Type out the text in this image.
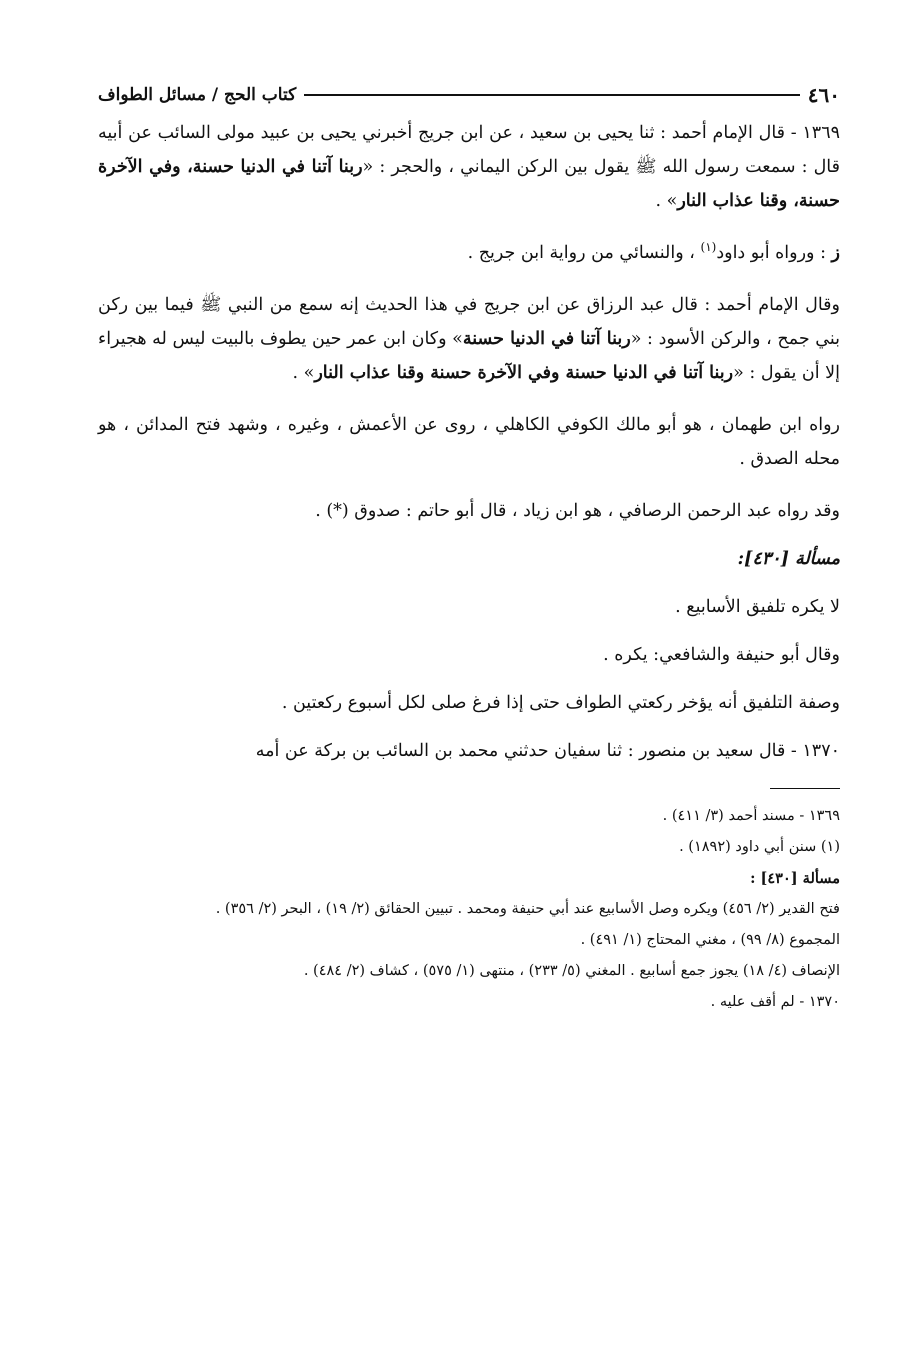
٤٦٠
كتاب الحج / مسائل الطواف

١٣٦٩ - قال الإمام أحمد : ثنا يحيى بن سعيد ، عن ابن جريج أخبرني يحيى بن عبيد مولى السائب عن أبيه قال : سمعت رسول الله ﷺ يقول بين الركن اليماني ، والحجر : «ربنا آتنا في الدنيا حسنة، وفي الآخرة حسنة، وقنا عذاب النار» .

ز : ورواه أبو داود$^{(١)}$ ، والنسائي من رواية ابن جريج .

وقال الإمام أحمد : قال عبد الرزاق عن ابن جريج في هذا الحديث إنه سمع من النبي ﷺ فيما بين ركن بني جمح ، والركن الأسود : «ربنا آتنا في الدنيا حسنة» وكان ابن عمر حين يطوف بالبيت ليس له هجيراء إلا أن يقول : «ربنا آتنا في الدنيا حسنة وفي الآخرة حسنة وقنا عذاب النار» .

رواه ابن طهمان ، هو أبو مالك الكوفي الكاهلي ، روى عن الأعمش ، وغيره ، وشهد فتح المدائن ، هو محله الصدق .

وقد رواه عبد الرحمن الرصافي ، هو ابن زياد ، قال أبو حاتم : صدوق (*) .

مسألة [٤٣٠]:

لا يكره تلفيق الأسابيع .

وقال أبو حنيفة والشافعي: يكره .

وصفة التلفيق أنه يؤخر ركعتي الطواف حتى إذا فرغ صلى لكل أسبوع ركعتين .

١٣٧٠ - قال سعيد بن منصور : ثنا سفيان حدثني محمد بن السائب بن بركة عن أمه

١٣٦٩ - مسند أحمد (٣/ ٤١١) .

(١) سنن أبي داود (١٨٩٢) .

مسألة [٤٣٠] :

فتح القدير (٢/ ٤٥٦) ويكره وصل الأسابيع عند أبي حنيفة ومحمد . تبيين الحقائق (٢/ ١٩) ، البحر (٢/ ٣٥٦) .

المجموع (٨/ ٩٩) ، مغني المحتاج (١/ ٤٩١) .

الإنصاف (٤/ ١٨) يجوز جمع أسابيع . المغني (٥/ ٢٣٣) ، منتهى (١/ ٥٧٥) ، كشاف (٢/ ٤٨٤) .

١٣٧٠ - لم أقف عليه .
